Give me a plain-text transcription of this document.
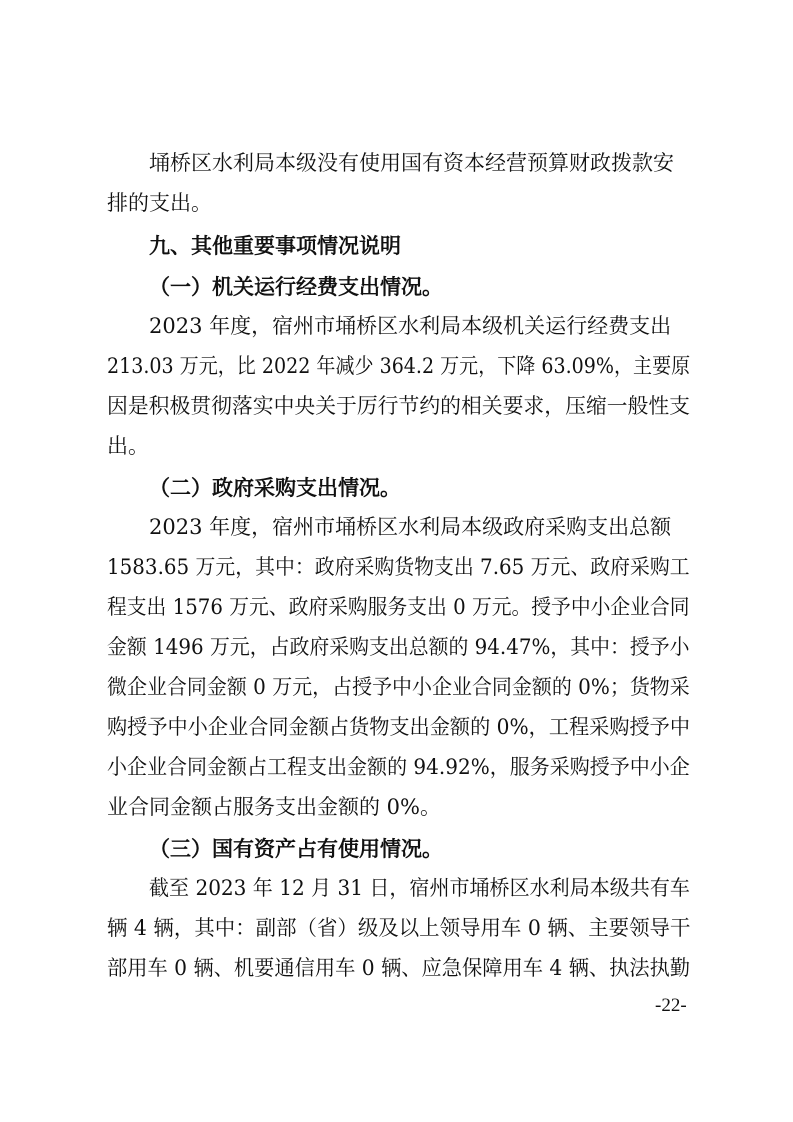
埇桥区水利局本级没有使用国有资本经营预算财政拨款安
排的支出。
九、其他重要事项情况说明
（一）机关运行经费支出情况。
2023 年度，宿州市埇桥区水利局本级机关运行经费支出
213.03 万元，比 2022 年减少 364.2 万元，下降 63.09%，主要原
因是积极贯彻落实中央关于厉行节约的相关要求，压缩一般性支
出。
（二）政府采购支出情况。
2023 年度，宿州市埇桥区水利局本级政府采购支出总额
1583.65 万元，其中：政府采购货物支出 7.65 万元、政府采购工
程支出 1576 万元、政府采购服务支出 0 万元。授予中小企业合同
金额 1496 万元，占政府采购支出总额的 94.47%，其中：授予小
微企业合同金额 0 万元，占授予中小企业合同金额的 0%；货物采
购授予中小企业合同金额占货物支出金额的 0%，工程采购授予中
小企业合同金额占工程支出金额的 94.92%，服务采购授予中小企
业合同金额占服务支出金额的 0%。
（三）国有资产占有使用情况。
截至 2023 年 12 月 31 日，宿州市埇桥区水利局本级共有车
辆 4 辆，其中：副部（省）级及以上领导用车 0 辆、主要领导干
部用车 0 辆、机要通信用车 0 辆、应急保障用车 4 辆、执法执勤
-22-
